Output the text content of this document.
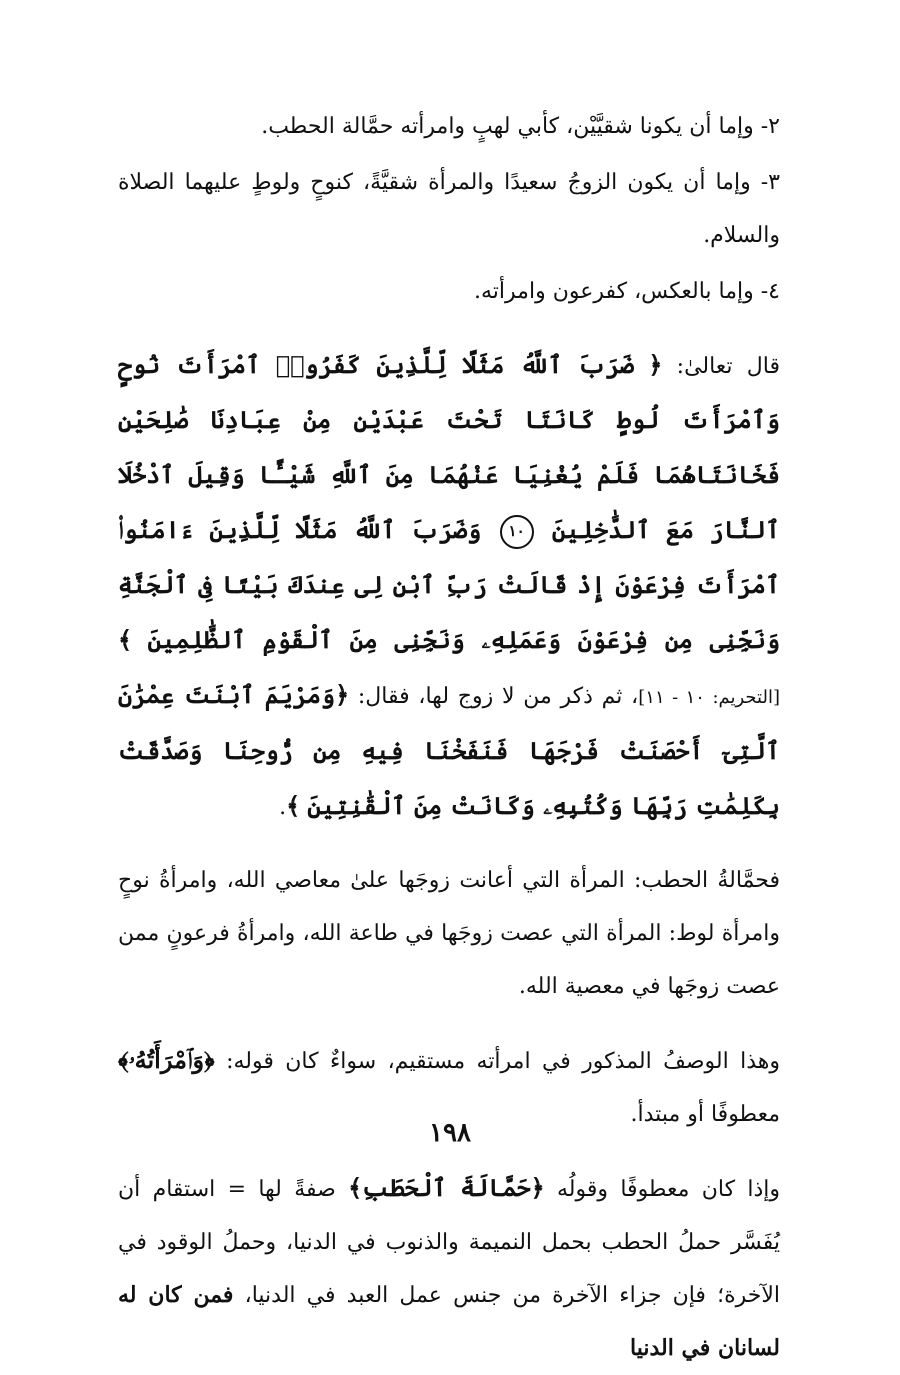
٢- وإما أن يكونا شقيَّيْن، كأبي لهبٍ وامرأته حمَّالة الحطب.

٣- وإما أن يكون الزوجُ سعيدًا والمرأة شقيَّةً، كنوحٍ ولوطٍ عليهما الصلاة والسلام.

٤- وإما بالعكس، كفرعون وامرأته.

قال تعالىٰ: ﴿ ضَرَبَ ٱللَّهُ مَثَلًا لِّلَّذِينَ كَفَرُوا۟ ٱمْرَأَتَ نُوحٍ وَٱمْرَأَتَ لُوطٍ كَانَتَا تَحْتَ عَبْدَيْنِ مِنْ عِبَادِنَا صَٰلِحَيْنِ فَخَانَتَاهُمَا فَلَمْ يُغْنِيَا عَنْهُمَا مِنَ ٱللَّهِ شَيْـًٔا وَقِيلَ ٱدْخُلَا ٱلنَّارَ مَعَ ٱلدَّٰخِلِينَ ١٠ وَضَرَبَ ٱللَّهُ مَثَلًا لِّلَّذِينَ ءَامَنُوا۟ ٱمْرَأَتَ فِرْعَوْنَ إِذْ قَالَتْ رَبِّ ٱبْنِ لِى عِندَكَ بَيْتًا فِى ٱلْجَنَّةِ وَنَجِّنِى مِن فِرْعَوْنَ وَعَمَلِهِۦ وَنَجِّنِى مِنَ ٱلْقَوْمِ ٱلظَّٰلِمِينَ ﴾ [التحريم: ١٠ - ١١]، ثم ذكر من لا زوج لها، فقال: ﴿وَمَرْيَمَ ٱبْنَتَ عِمْرَٰنَ ٱلَّتِىٓ أَحْصَنَتْ فَرْجَهَا فَنَفَخْنَا فِيهِ مِن رُّوحِنَا وَصَدَّقَتْ بِكَلِمَٰتِ رَبِّهَا وَكُتُبِهِۦ وَكَانَتْ مِنَ ٱلْقَٰنِتِينَ ﴾.

فحمَّالةُ الحطب: المرأة التي أعانت زوجَها علىٰ معاصي الله، وامرأةُ نوحٍ وامرأة لوط: المرأة التي عصت زوجَها في طاعة الله، وامرأةُ فرعونٍ ممن عصت زوجَها في معصية الله.

وهذا الوصفُ المذكور في امرأته مستقيم، سواءٌ كان قوله: ﴿وَٱمْرَأَتُهُۥ﴾ معطوفًا أو مبتدأ.

وإذا كان معطوفًا وقولُه ﴿حَمَّالَةَ ٱلْحَطَبِ﴾ صفةً لها = استقام أن يُفَسَّر حملُ الحطب بحمل النميمة والذنوب في الدنيا، وحملُ الوقود في الآخرة؛ فإن جزاء الآخرة من جنس عمل العبد في الدنيا، فمن كان له لسانان في الدنيا

١٩٨
